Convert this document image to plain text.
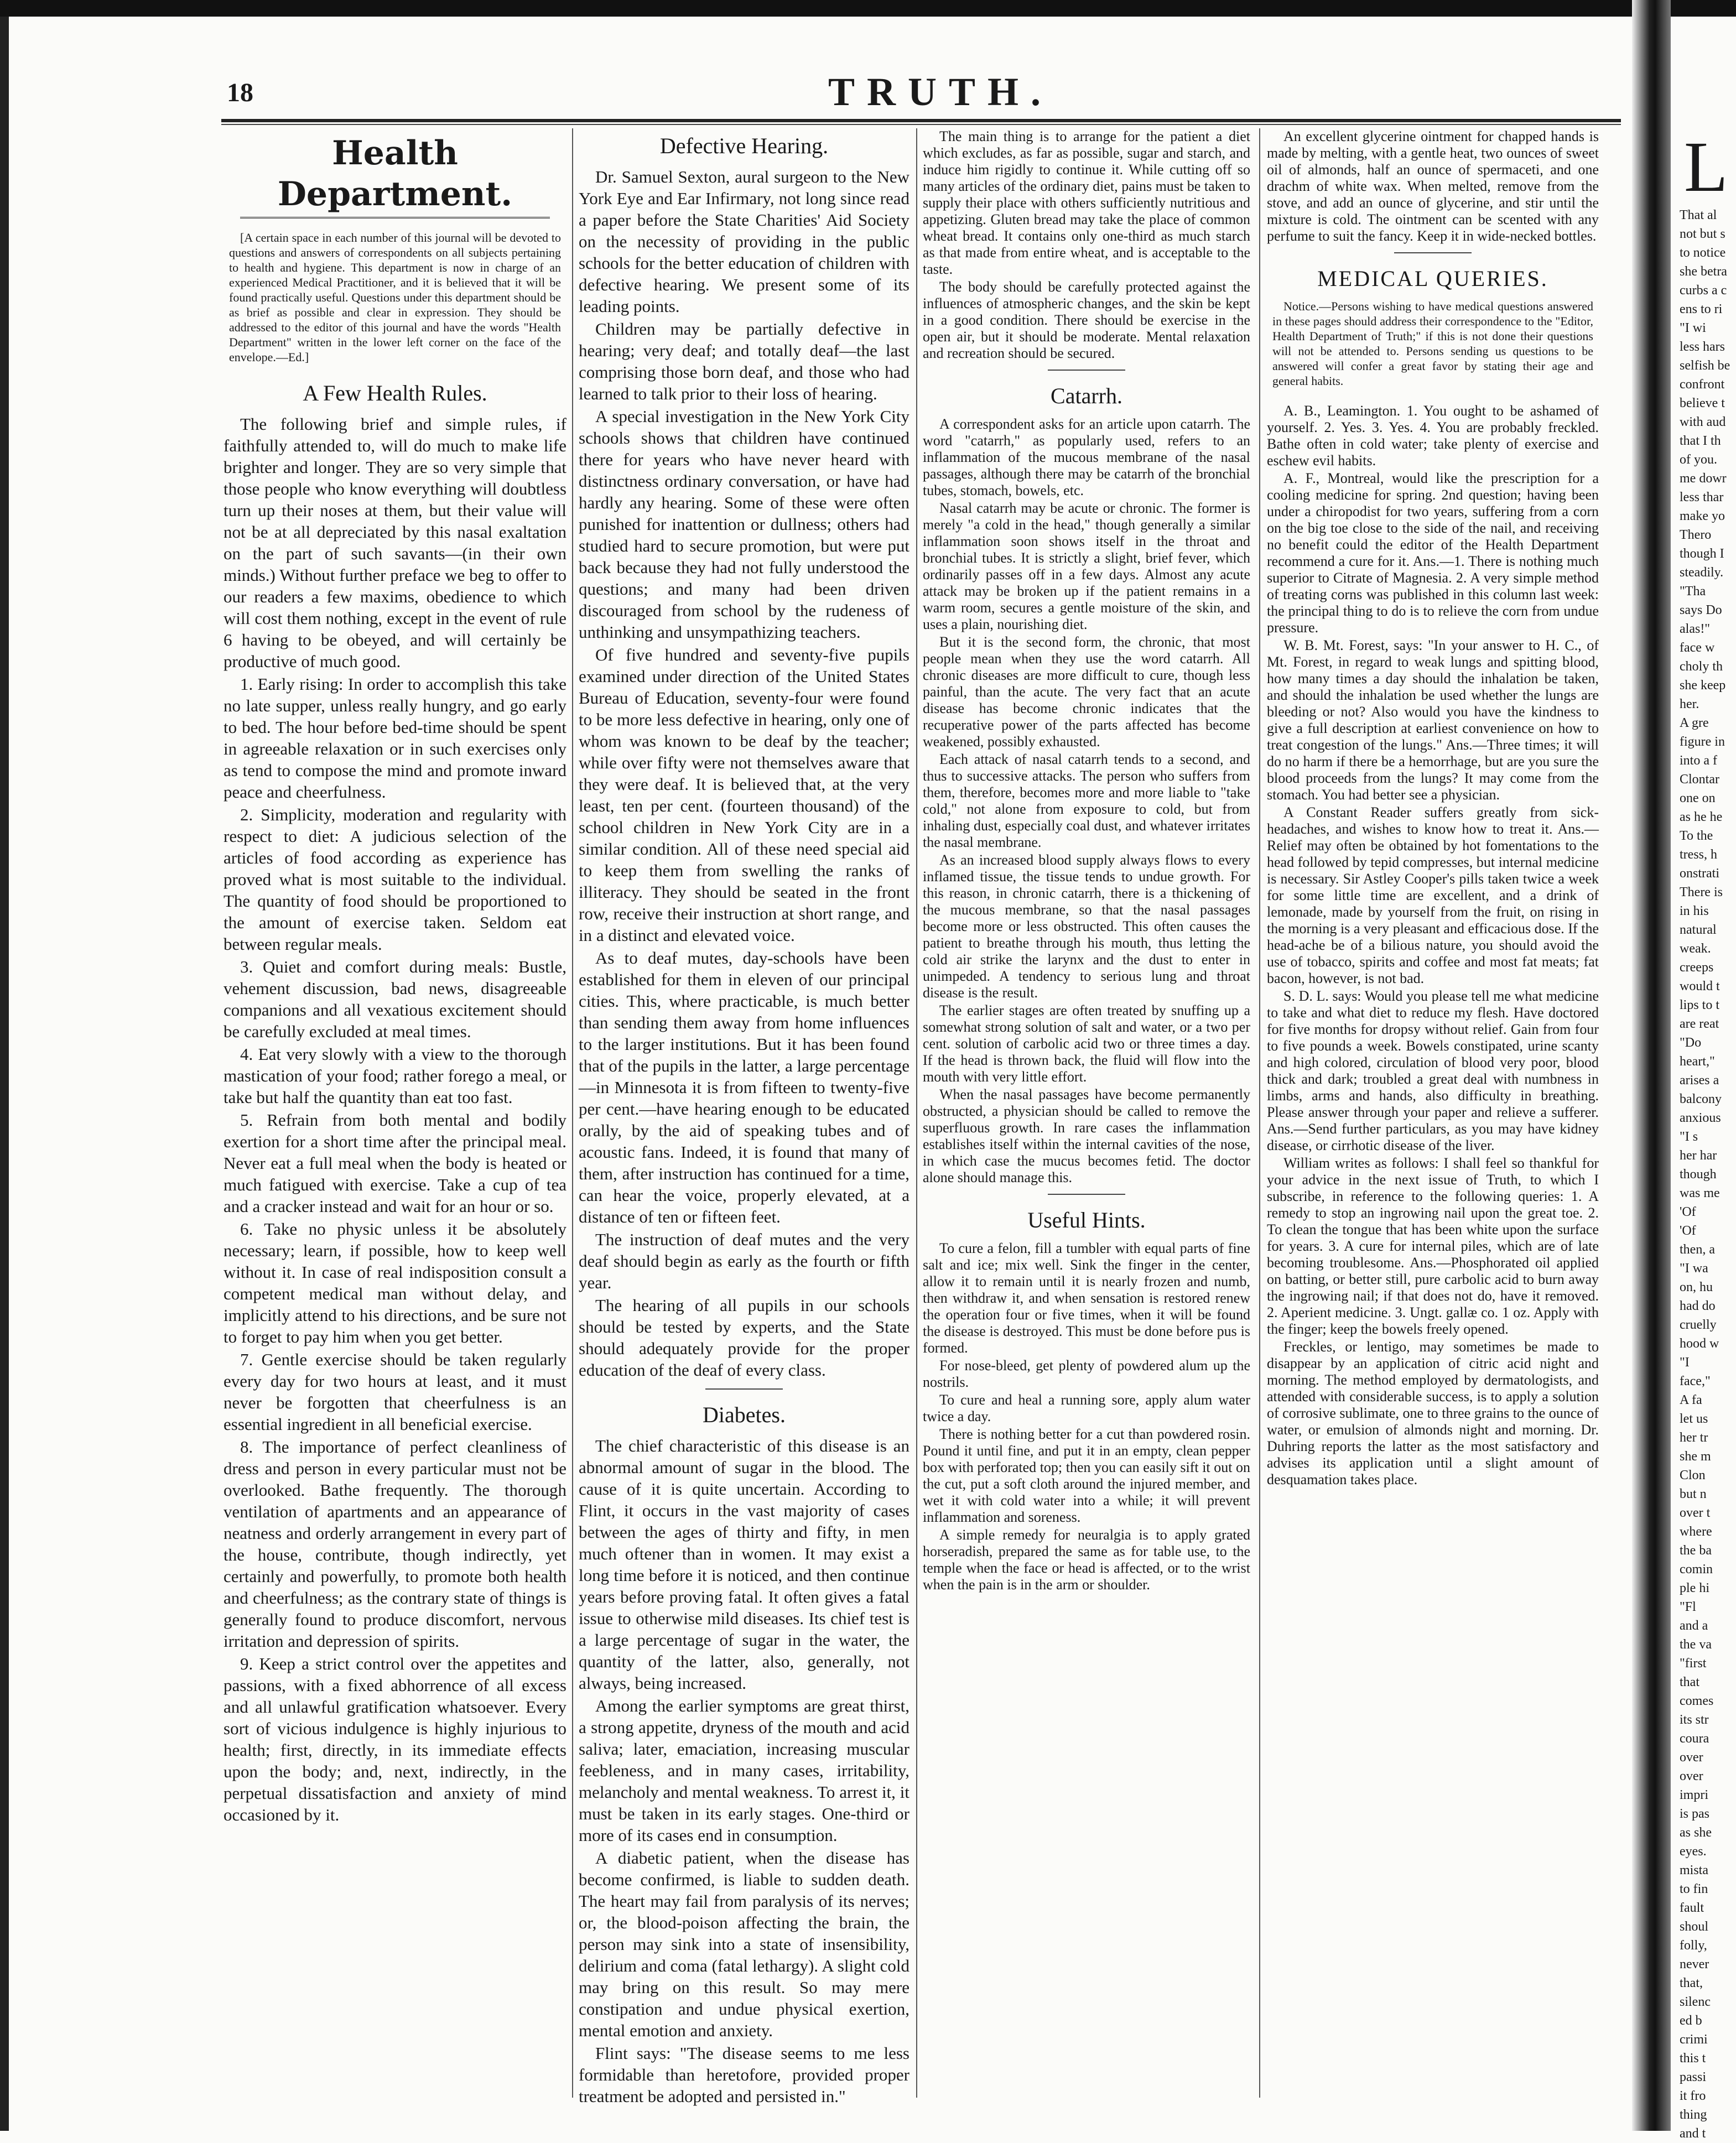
18	TRUTH.
Health Department.
[A certain space in each number of this journal will be devoted to questions and answers of correspondents on all subjects pertaining to health and hygiene. This department is now in charge of an experienced Medical Practitioner, and it is believed that it will be found practically useful. Questions under this department should be as brief as possible and clear in expression. They should be addressed to the editor of this journal and have the words "Health Department" written in the lower left corner on the face of the envelope.—Ed.]
A Few Health Rules.

The following brief and simple rules, if faithfully attended to, will do much to make life brighter and longer. They are so very simple that those people who know everything will doubtless turn up their noses at them, but their value will not be at all depreciated by this nasal exaltation on the part of such savants—(in their own minds.) Without further preface we beg to offer to our readers a few maxims, obedience to which will cost them nothing, except in the event of rule 6 having to be obeyed, and will certainly be productive of much good.

1. Early rising: In order to accomplish this take no late supper, unless really hungry, and go early to bed. The hour before bed-time should be spent in agreeable relaxation or in such exercises only as tend to compose the mind and promote inward peace and cheerfulness.

2. Simplicity, moderation and regularity with respect to diet: A judicious selection of the articles of food according as experience has proved what is most suitable to the individual. The quantity of food should be proportioned to the amount of exercise taken. Seldom eat between regular meals.

3. Quiet and comfort during meals: Bustle, vehement discussion, bad news, disagreeable companions and all vexatious excitement should be carefully excluded at meal times.

4. Eat very slowly with a view to the thorough mastication of your food; rather forego a meal, or take but half the quantity than eat too fast.

5. Refrain from both mental and bodily exertion for a short time after the principal meal. Never eat a full meal when the body is heated or much fatigued with exercise. Take a cup of tea and a cracker instead and wait for an hour or so.

6. Take no physic unless it be absolutely necessary; learn, if possible, how to keep well without it. In case of real indisposition consult a competent medical man without delay, and implicitly attend to his directions, and be sure not to forget to pay him when you get better.

7. Gentle exercise should be taken regularly every day for two hours at least, and it must never be forgotten that cheerfulness is an essential ingredient in all beneficial exercise.

8. The importance of perfect cleanliness of dress and person in every particular must not be overlooked. Bathe frequently. The thorough ventilation of apartments and an appearance of neatness and orderly arrangement in every part of the house, contribute, though indirectly, yet certainly and powerfully, to promote both health and cheerfulness; as the contrary state of things is generally found to produce discomfort, nervous irritation and depression of spirits.

9. Keep a strict control over the appetites and passions, with a fixed abhorrence of all excess and all unlawful gratification whatsoever. Every sort of vicious indulgence is highly injurious to health; first, directly, in its immediate effects upon the body; and, next, indirectly, in the perpetual dissatisfaction and anxiety of mind occasioned by it.

Defective Hearing.

Dr. Samuel Sexton, aural surgeon to the New York Eye and Ear Infirmary, not long since read a paper before the State Charities' Aid Society on the necessity of providing in the public schools for the better education of children with defective hearing. We present some of its leading points.

Children may be partially defective in hearing; very deaf; and totally deaf—the last comprising those born deaf, and those who had learned to talk prior to their loss of hearing.

A special investigation in the New York City schools shows that children have continued there for years who have never heard with distinctness ordinary conversation, or have had hardly any hearing. Some of these were often punished for inattention or dullness; others had studied hard to secure promotion, but were put back because they had not fully understood the questions; and many had been driven discouraged from school by the rudeness of unthinking and unsympathizing teachers.

Of five hundred and seventy-five pupils examined under direction of the United States Bureau of Education, seventy-four were found to be more less defective in hearing, only one of whom was known to be deaf by the teacher; while over fifty were not themselves aware that they were deaf. It is believed that, at the very least, ten per cent. (fourteen thousand) of the school children in New York City are in a similar condition. All of these need special aid to keep them from swelling the ranks of illiteracy. They should be seated in the front row, receive their instruction at short range, and in a distinct and elevated voice.

As to deaf mutes, day-schools have been established for them in eleven of our principal cities. This, where practicable, is much better than sending them away from home influences to the larger institutions. But it has been found that of the pupils in the latter, a large percentage—in Minnesota it is from fifteen to twenty-five per cent.—have hearing enough to be educated orally, by the aid of speaking tubes and of acoustic fans. Indeed, it is found that many of them, after instruction has continued for a time, can hear the voice, properly elevated, at a distance of ten or fifteen feet.

The instruction of deaf mutes and the very deaf should begin as early as the fourth or fifth year.

The hearing of all pupils in our schools should be tested by experts, and the State should adequately provide for the proper education of the deaf of every class.

Diabetes.

The chief characteristic of this disease is an abnormal amount of sugar in the blood. The cause of it is quite uncertain. According to Flint, it occurs in the vast majority of cases between the ages of thirty and fifty, in men much oftener than in women. It may exist a long time before it is noticed, and then continue years before proving fatal. It often gives a fatal issue to otherwise mild diseases. Its chief test is a large percentage of sugar in the water, the quantity of the latter, also, generally, not always, being increased.

Among the earlier symptoms are great thirst, a strong appetite, dryness of the mouth and acid saliva; later, emaciation, increasing muscular feebleness, and in many cases, irritability, melancholy and mental weakness. To arrest it, it must be taken in its early stages. One-third or more of its cases end in consumption.

A diabetic patient, when the disease has become confirmed, is liable to sudden death. The heart may fail from paralysis of its nerves; or, the blood-poison affecting the brain, the person may sink into a state of insensibility, delirium and coma (fatal lethargy). A slight cold may bring on this result. So may mere constipation and undue physical exertion, mental emotion and anxiety.

Flint says: "The disease seems to me less formidable than heretofore, provided proper treatment be adopted and persisted in."

The main thing is to arrange for the patient a diet which excludes, as far as possible, sugar and starch, and induce him rigidly to continue it. While cutting off so many articles of the ordinary diet, pains must be taken to supply their place with others sufficiently nutritious and appetizing. Gluten bread may take the place of common wheat bread. It contains only one-third as much starch as that made from entire wheat, and is acceptable to the taste.

The body should be carefully protected against the influences of atmospheric changes, and the skin be kept in a good condition. There should be exercise in the open air, but it should be moderate. Mental relaxation and recreation should be secured.

Catarrh.

A correspondent asks for an article upon catarrh. The word "catarrh," as popularly used, refers to an inflammation of the mucous membrane of the nasal passages, although there may be catarrh of the bronchial tubes, stomach, bowels, etc.

Nasal catarrh may be acute or chronic. The former is merely "a cold in the head," though generally a similar inflammation soon shows itself in the throat and bronchial tubes. It is strictly a slight, brief fever, which ordinarily passes off in a few days. Almost any acute attack may be broken up if the patient remains in a warm room, secures a gentle moisture of the skin, and uses a plain, nourishing diet.

But it is the second form, the chronic, that most people mean when they use the word catarrh. All chronic diseases are more difficult to cure, though less painful, than the acute. The very fact that an acute disease has become chronic indicates that the recuperative power of the parts affected has become weakened, possibly exhausted.

Each attack of nasal catarrh tends to a second, and thus to successive attacks. The person who suffers from them, therefore, becomes more and more liable to "take cold," not alone from exposure to cold, but from inhaling dust, especially coal dust, and whatever irritates the nasal membrane.

As an increased blood supply always flows to every inflamed tissue, the tissue tends to undue growth. For this reason, in chronic catarrh, there is a thickening of the mucous membrane, so that the nasal passages become more or less obstructed. This often causes the patient to breathe through his mouth, thus letting the cold air strike the larynx and the dust to enter in unimpeded. A tendency to serious lung and throat disease is the result.

The earlier stages are often treated by snuffing up a somewhat strong solution of salt and water, or a two per cent. solution of carbolic acid two or three times a day. If the head is thrown back, the fluid will flow into the mouth with very little effort.

When the nasal passages have become permanently obstructed, a physician should be called to remove the superfluous growth. In rare cases the inflammation establishes itself within the internal cavities of the nose, in which case the mucus becomes fetid. The doctor alone should manage this.

Useful Hints.

To cure a felon, fill a tumbler with equal parts of fine salt and ice; mix well. Sink the finger in the center, allow it to remain until it is nearly frozen and numb, then withdraw it, and when sensation is restored renew the operation four or five times, when it will be found the disease is destroyed. This must be done before pus is formed.

For nose-bleed, get plenty of powdered alum up the nostrils.

To cure and heal a running sore, apply alum water twice a day.

There is nothing better for a cut than powdered rosin. Pound it until fine, and put it in an empty, clean pepper box with perforated top; then you can easily sift it out on the cut, put a soft cloth around the injured member, and wet it with cold water into a while; it will prevent inflammation and soreness.

A simple remedy for neuralgia is to apply grated horseradish, prepared the same as for table use, to the temple when the face or head is affected, or to the wrist when the pain is in the arm or shoulder.

An excellent glycerine ointment for chapped hands is made by melting, with a gentle heat, two ounces of sweet oil of almonds, half an ounce of spermaceti, and one drachm of white wax. When melted, remove from the stove, and add an ounce of glycerine, and stir until the mixture is cold. The ointment can be scented with any perfume to suit the fancy. Keep it in wide-necked bottles.

MEDICAL QUERIES.
Notice.—Persons wishing to have medical questions answered in these pages should address their correspondence to the "Editor, Health Department of Truth;" if this is not done their questions will not be attended to. Persons sending us questions to be answered will confer a great favor by stating their age and general habits.

A. B., Leamington. 1. You ought to be ashamed of yourself. 2. Yes. 3. Yes. 4. You are probably freckled. Bathe often in cold water; take plenty of exercise and eschew evil habits.

A. F., Montreal, would like the prescription for a cooling medicine for spring. 2nd question; having been under a chiropodist for two years, suffering from a corn on the big toe close to the side of the nail, and receiving no benefit could the editor of the Health Department recommend a cure for it. Ans.—1. There is nothing much superior to Citrate of Magnesia. 2. A very simple method of treating corns was published in this column last week: the principal thing to do is to relieve the corn from undue pressure.

W. B. Mt. Forest, says: "In your answer to H. C., of Mt. Forest, in regard to weak lungs and spitting blood, how many times a day should the inhalation be taken, and should the inhalation be used whether the lungs are bleeding or not? Also would you have the kindness to give a full description at earliest convenience on how to treat congestion of the lungs." Ans.—Three times; it will do no harm if there be a hemorrhage, but are you sure the blood proceeds from the lungs? It may come from the stomach. You had better see a physician.

A Constant Reader suffers greatly from sick-headaches, and wishes to know how to treat it. Ans.—Relief may often be obtained by hot fomentations to the head followed by tepid compresses, but internal medicine is necessary. Sir Astley Cooper's pills taken twice a week for some little time are excellent, and a drink of lemonade, made by yourself from the fruit, on rising in the morning is a very pleasant and efficacious dose. If the head-ache be of a bilious nature, you should avoid the use of tobacco, spirits and coffee and most fat meats; fat bacon, however, is not bad.

S. D. L. says: Would you please tell me what medicine to take and what diet to reduce my flesh. Have doctored for five months for dropsy without relief. Gain from four to five pounds a week. Bowels constipated, urine scanty and high colored, circulation of blood very poor, blood thick and dark; troubled a great deal with numbness in limbs, arms and hands, also difficulty in breathing. Please answer through your paper and relieve a sufferer. Ans.—Send further particulars, as you may have kidney disease, or cirrhotic disease of the liver.

William writes as follows: I shall feel so thankful for your advice in the next issue of Truth, to which I subscribe, in reference to the following queries: 1. A remedy to stop an ingrowing nail upon the great toe. 2. To clean the tongue that has been white upon the surface for years. 3. A cure for internal piles, which are of late becoming troublesome. Ans.—Phosphorated oil applied on batting, or better still, pure carbolic acid to burn away the ingrowing nail; if that does not do, have it removed. 2. Aperient medicine. 3. Ungt. gallæ co. 1 oz. Apply with the finger; keep the bowels freely opened.

Freckles, or lentigo, may sometimes be made to disappear by an application of citric acid night and morning. The method employed by dermatologists, and attended with considerable success, is to apply a solution of corrosive sublimate, one to three grains to the ounce of water, or emulsion of almonds night and morning. Dr. Duhring reports the latter as the most satisfactory and advises its application until a slight amount of desquamation takes place.

L
That al
not but s
to notice
she betra
curbs a c
ens to ri
"I wi
less hars
selfish be
confront
believe t
with aud
that I th
of you.
me dowr
less thar
make yo
Thero
though I
steadily.
"Tha
says Do
alas!"
face w
choly th
she keep
her.
A gre
figure in
into a f
Clontar
one on
as he he
To the
tress, h
onstrati
There is
in his
natural
weak.
creeps
would t
lips to t
are reat
"Do
heart,"
arises a
balcony
anxious
"I s
her har
though
was me
'Of
'Of
then, a
"I wa
on, hu
had do
cruelly
hood w
"I
face,"
A fa
let us
her tr
she m
Clon
but n
over t
where
the ba
comin
ple hi
"Fl
and a
the va
"first
that
comes
its str
coura
over
over
impri
is pas
as she
eyes.
mista
to fin
fault
shoul
folly,
never
that,
silenc
ed b
crimi
this t
passi
it fro
thing
and t
